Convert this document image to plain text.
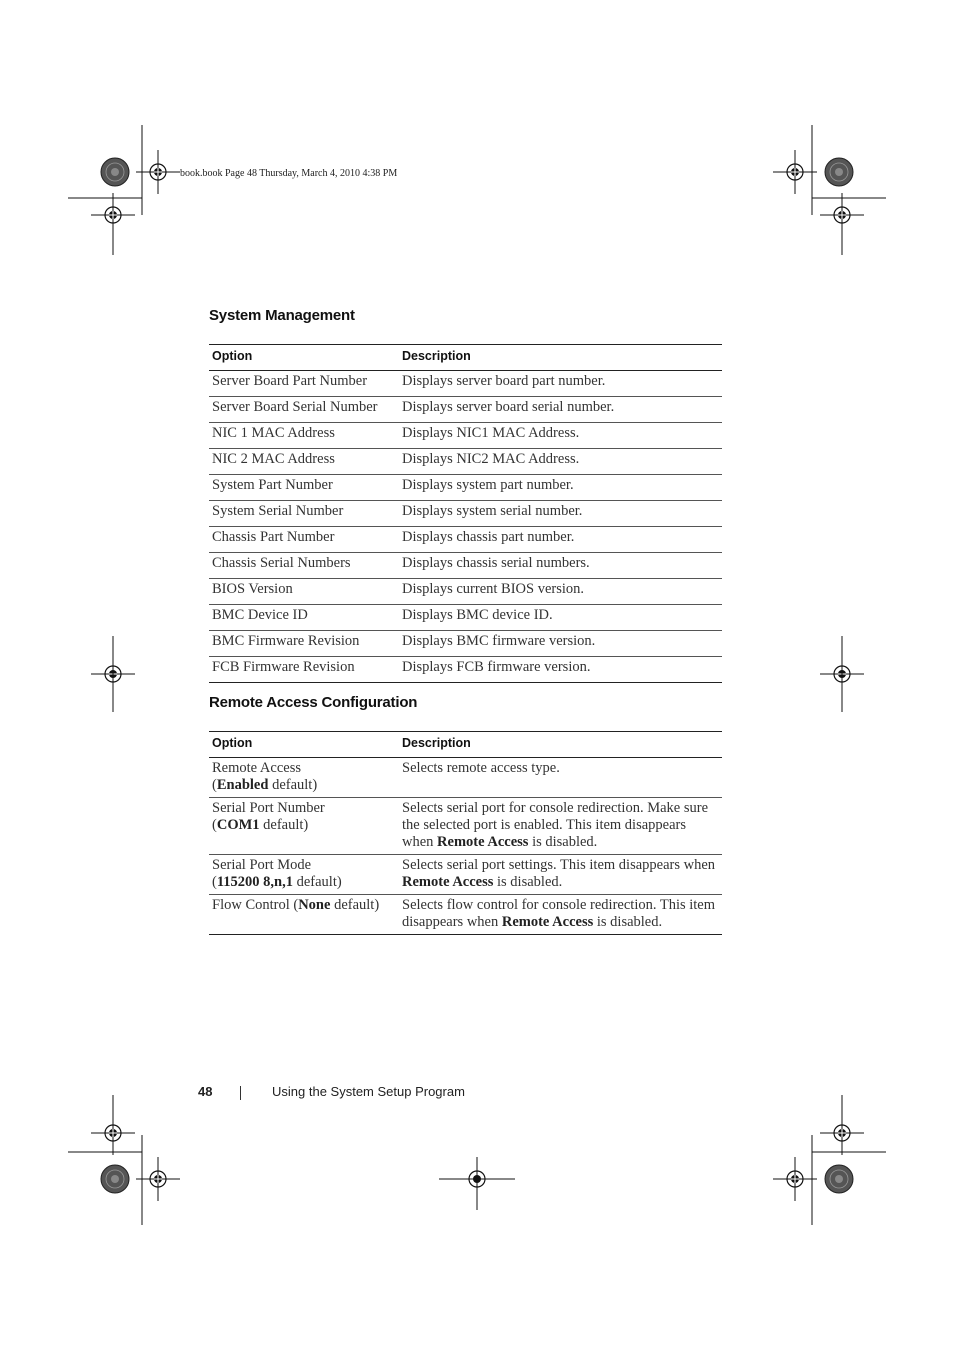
book.book Page 48 Thursday, March 4, 2010 4:38 PM
System Management
Option	Description
Server Board Part Number	Displays server board part number.
Server Board Serial Number	Displays server board serial number.
NIC 1 MAC Address	Displays NIC1 MAC Address.
NIC 2 MAC Address	Displays NIC2 MAC Address.
System Part Number	Displays system part number.
System Serial Number	Displays system serial number.
Chassis Part Number	Displays chassis part number.
Chassis Serial Numbers	Displays chassis serial numbers.
BIOS Version	Displays current BIOS version.
BMC Device ID	Displays BMC device ID.
BMC Firmware Revision	Displays BMC firmware version.
FCB Firmware Revision	Displays FCB firmware version.
Remote Access Configuration
Option	Description

Remote Access
(Enabled default)	Selects remote access type.

Serial Port Number
(COM1 default)	Selects serial port for console redirection. Make sure the selected port is enabled. This item disappears when Remote Access is disabled.

Serial Port Mode
(115200 8,n,1 default)	Selects serial port settings. This item disappears when Remote Access is disabled.

Flow Control (None default)	Selects flow control for console redirection. This item disappears when Remote Access is disabled.
48	Using the System Setup Program
